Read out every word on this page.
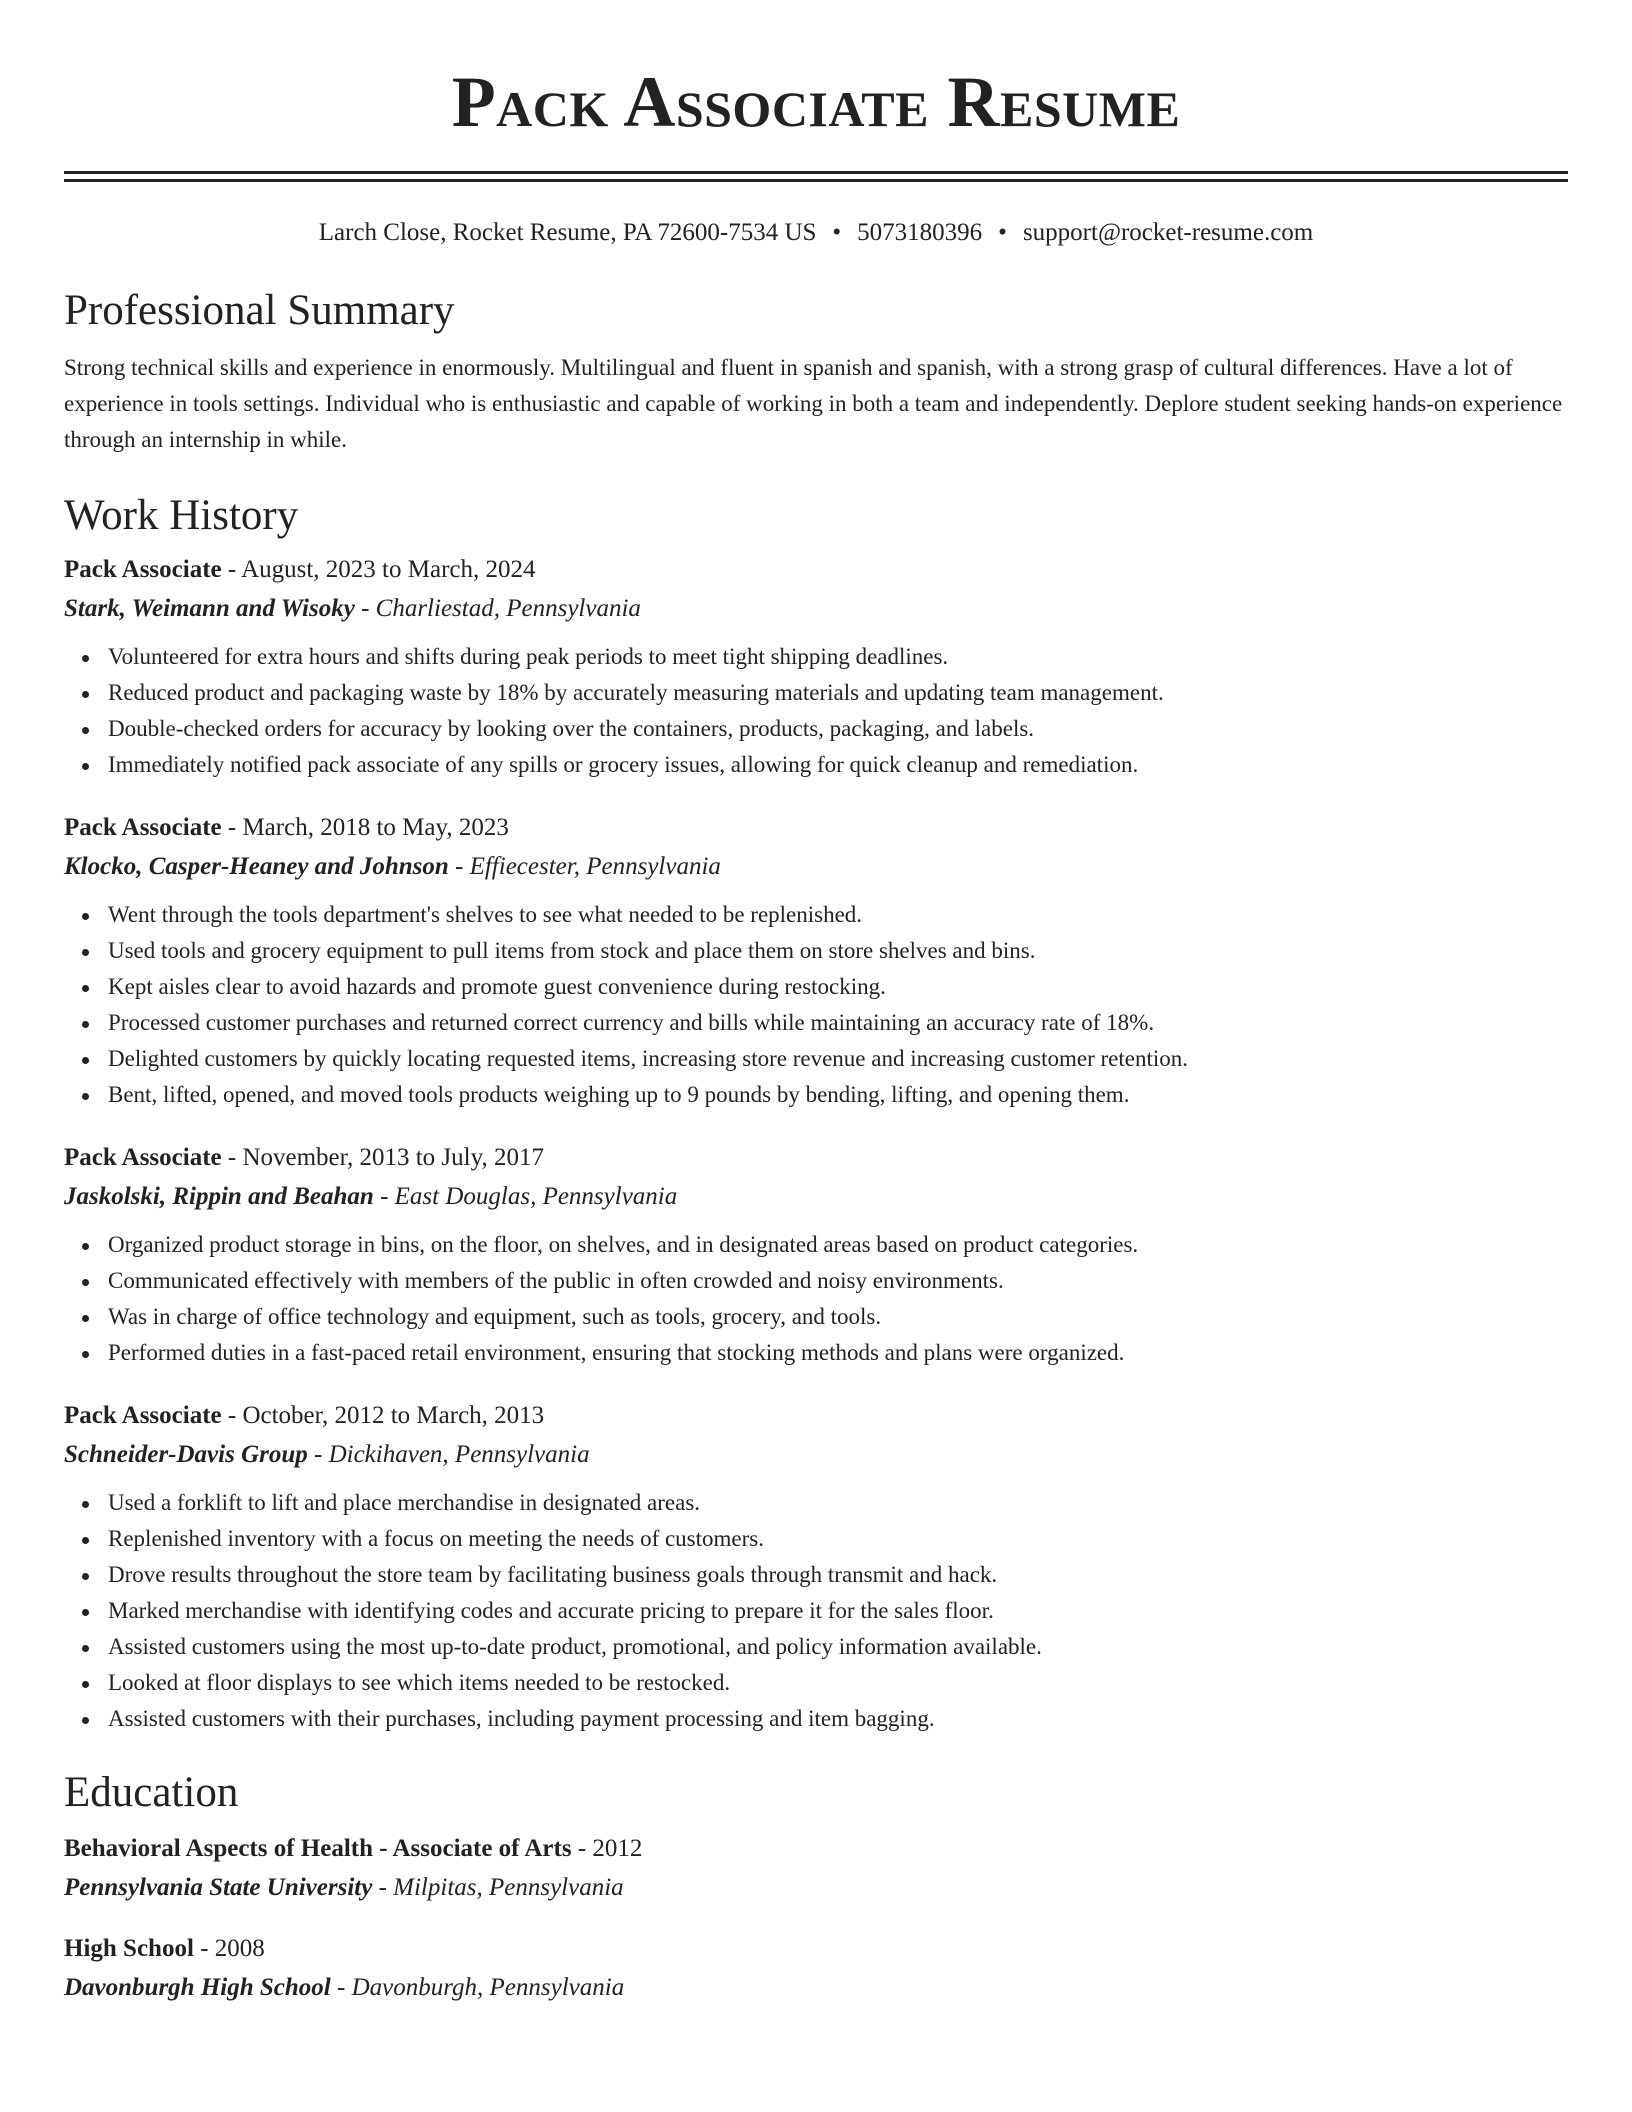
Pack Associate Resume
Larch Close, Rocket Resume, PA 72600-7534 US • 5073180396 • support@rocket-resume.com
Professional Summary
Strong technical skills and experience in enormously. Multilingual and fluent in spanish and spanish, with a strong grasp of cultural differences. Have a lot of experience in tools settings. Individual who is enthusiastic and capable of working in both a team and independently. Deplore student seeking hands-on experience through an internship in while.
Work History
Pack Associate - August, 2023 to March, 2024
Stark, Weimann and Wisoky - Charliestad, Pennsylvania
Volunteered for extra hours and shifts during peak periods to meet tight shipping deadlines.
Reduced product and packaging waste by 18% by accurately measuring materials and updating team management.
Double-checked orders for accuracy by looking over the containers, products, packaging, and labels.
Immediately notified pack associate of any spills or grocery issues, allowing for quick cleanup and remediation.
Pack Associate - March, 2018 to May, 2023
Klocko, Casper-Heaney and Johnson - Effiecester, Pennsylvania
Went through the tools department's shelves to see what needed to be replenished.
Used tools and grocery equipment to pull items from stock and place them on store shelves and bins.
Kept aisles clear to avoid hazards and promote guest convenience during restocking.
Processed customer purchases and returned correct currency and bills while maintaining an accuracy rate of 18%.
Delighted customers by quickly locating requested items, increasing store revenue and increasing customer retention.
Bent, lifted, opened, and moved tools products weighing up to 9 pounds by bending, lifting, and opening them.
Pack Associate - November, 2013 to July, 2017
Jaskolski, Rippin and Beahan - East Douglas, Pennsylvania
Organized product storage in bins, on the floor, on shelves, and in designated areas based on product categories.
Communicated effectively with members of the public in often crowded and noisy environments.
Was in charge of office technology and equipment, such as tools, grocery, and tools.
Performed duties in a fast-paced retail environment, ensuring that stocking methods and plans were organized.
Pack Associate - October, 2012 to March, 2013
Schneider-Davis Group - Dickihaven, Pennsylvania
Used a forklift to lift and place merchandise in designated areas.
Replenished inventory with a focus on meeting the needs of customers.
Drove results throughout the store team by facilitating business goals through transmit and hack.
Marked merchandise with identifying codes and accurate pricing to prepare it for the sales floor.
Assisted customers using the most up-to-date product, promotional, and policy information available.
Looked at floor displays to see which items needed to be restocked.
Assisted customers with their purchases, including payment processing and item bagging.
Education
Behavioral Aspects of Health - Associate of Arts - 2012
Pennsylvania State University - Milpitas, Pennsylvania
High School - 2008
Davonburgh High School - Davonburgh, Pennsylvania
